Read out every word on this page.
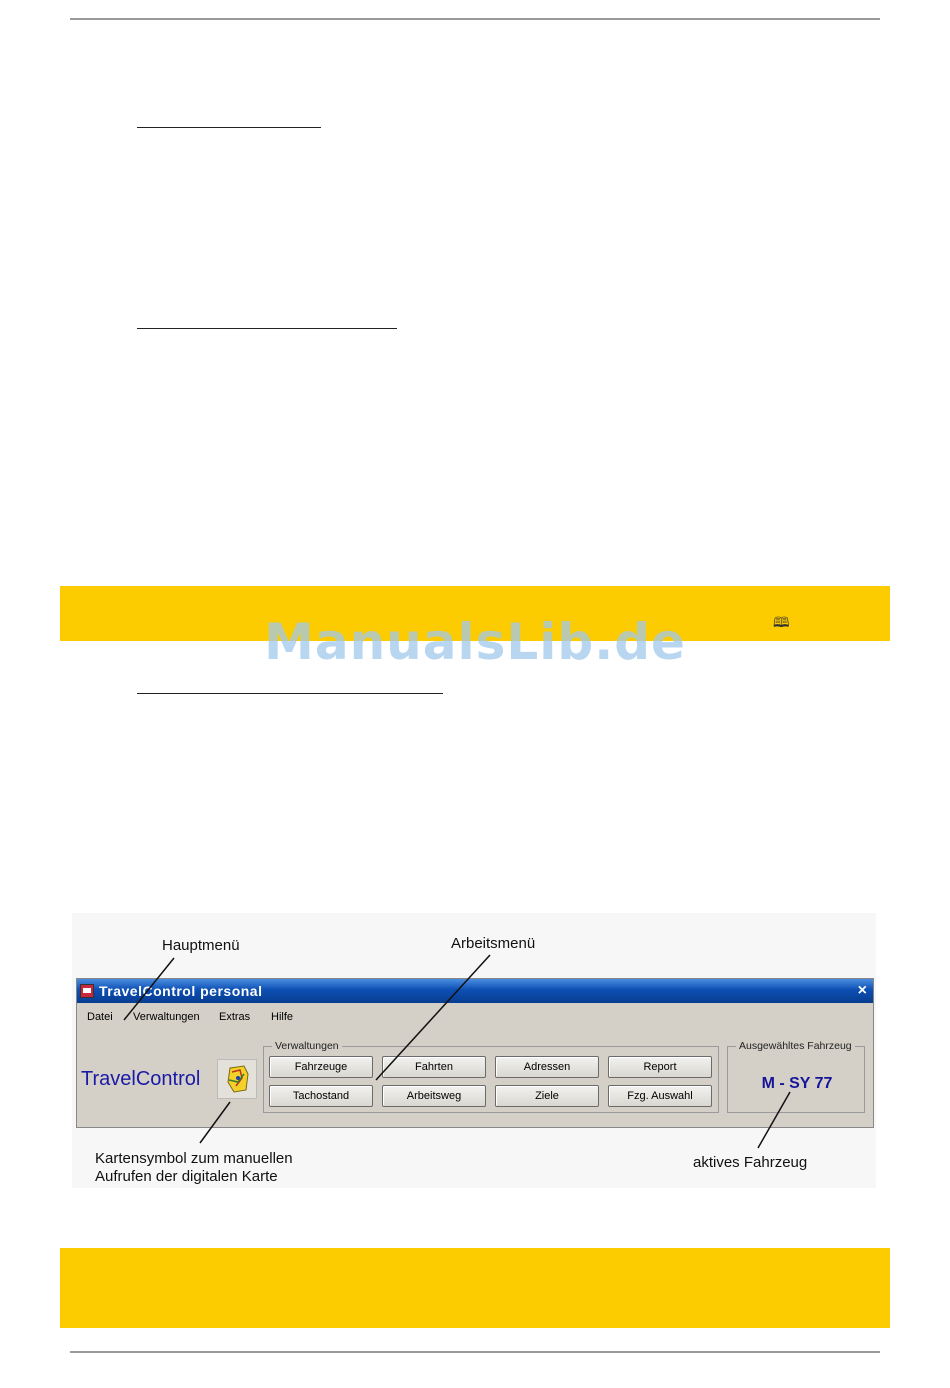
🕮
ManualsLib.de
Hauptmenü	Arbeitsmenü
Kartensymbol zum manuellen
Aufrufen der digitalen Karte
aktives Fahrzeug
TravelControl personal	×
Datei Verwaltungen Extras Hilfe
TravelControl
Verwaltungen
Fahrzeuge	Fahrten	Adressen	Report
Tachostand	Arbeitsweg	Ziele	Fzg. Auswahl
Ausgewähltes Fahrzeug
M - SY 77
